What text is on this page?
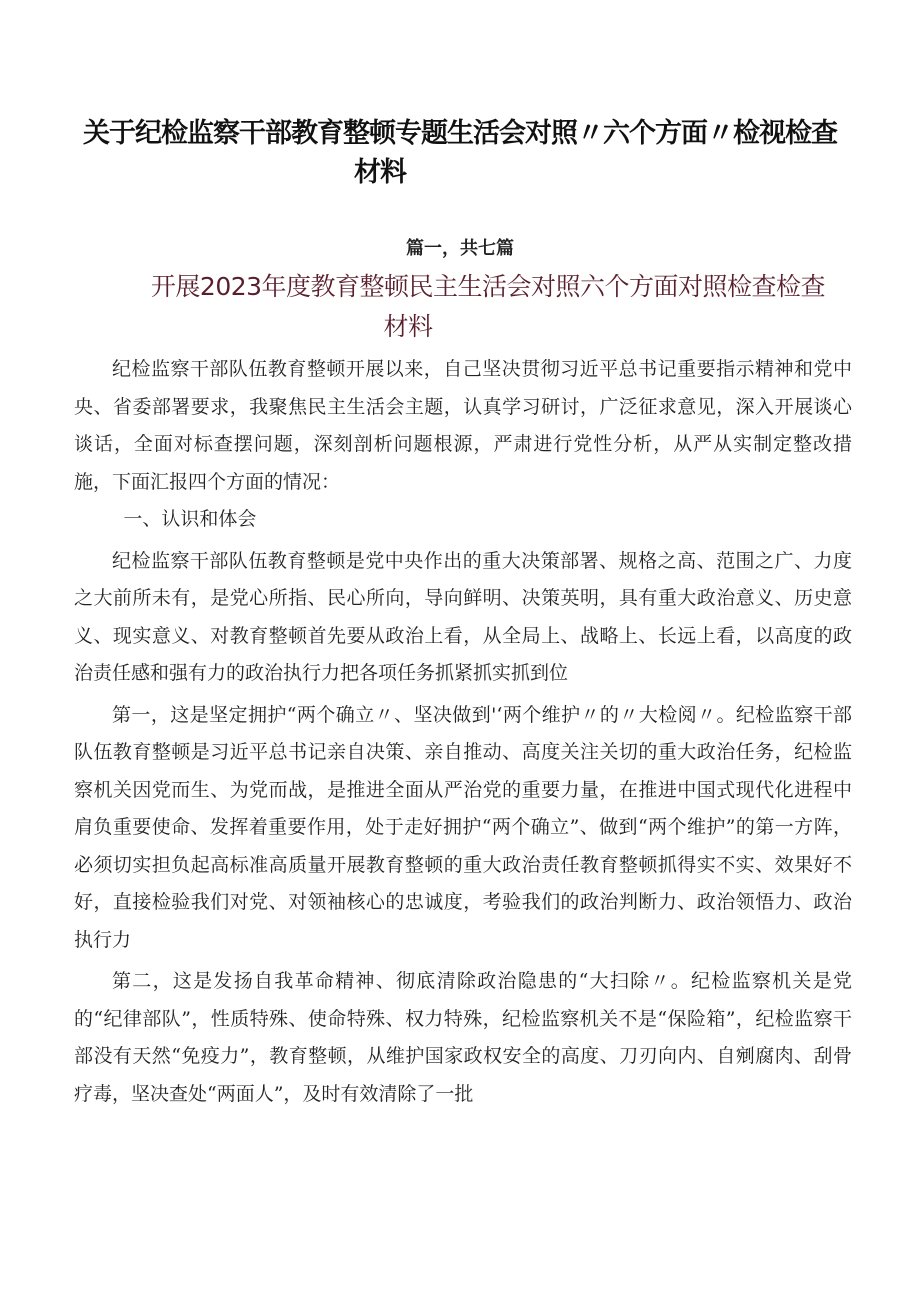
关于纪检监察干部教育整顿专题生活会对照〃六个方面〃检视检查
材料
篇一，共七篇
开展2023年度教育整顿民主生活会对照六个方面对照检查检查
材料

纪检监察干部队伍教育整顿开展以来，自己坚决贯彻习近平总书记重要指示精神和党中央、省委部署要求，我聚焦民主生活会主题，认真学习研讨，广泛征求意见，深入开展谈心谈话，全面对标查摆问题，深刻剖析问题根源，严肃进行党性分析，从严从实制定整改措施，下面汇报四个方面的情况：

一、认识和体会

纪检监察干部队伍教育整顿是党中央作出的重大决策部署、规格之高、范围之广、力度之大前所未有，是党心所指、民心所向，导向鲜明、决策英明，具有重大政治意义、历史意义、现实意义、对教育整顿首先要从政治上看，从全局上、战略上、长远上看，以高度的政治责任感和强有力的政治执行力把各项任务抓紧抓实抓到位

第一，这是坚定拥护“两个确立〃、坚决做到'‘两个维护〃的〃大检阅〃。纪检监察干部队伍教育整顿是习近平总书记亲自决策、亲自推动、高度关注关切的重大政治任务，纪检监察机关因党而生、为党而战，是推进全面从严治党的重要力量，在推进中国式现代化进程中肩负重要使命、发挥着重要作用，处于走好拥护“两个确立”、做到“两个维护”的第一方阵，必须切实担负起高标准高质量开展教育整顿的重大政治责任教育整顿抓得实不实、效果好不好，直接检验我们对党、对领袖核心的忠诚度，考验我们的政治判断力、政治领悟力、政治执行力

第二，这是发扬自我革命精神、彻底清除政治隐患的“大扫除〃。纪检监察机关是党的“纪律部队”，性质特殊、使命特殊、权力特殊，纪检监察机关不是“保险箱”，纪检监察干部没有天然“免疫力”，教育整顿，从维护国家政权安全的高度、刀刃向内、自剜腐肉、刮骨疗毒，坚决查处“两面人”，及时有效清除了一批
